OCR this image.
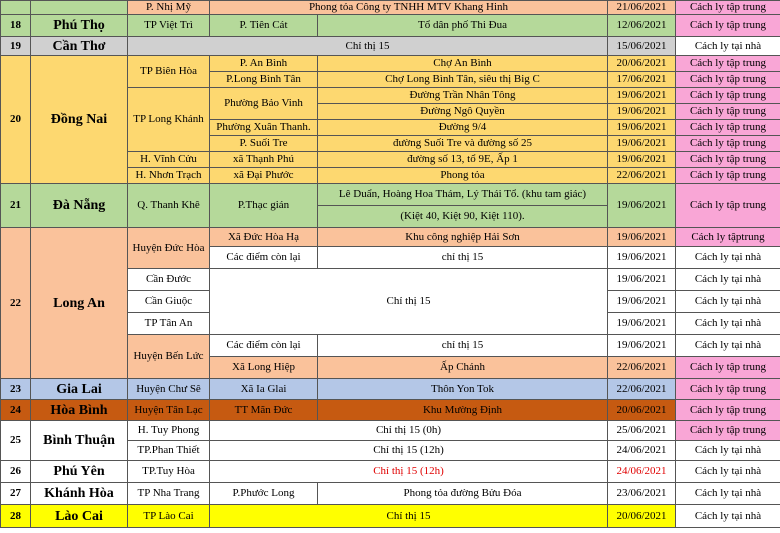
		P. Nhị Mỹ	Phong tỏa Công ty TNHH MTV Khang Hinh		21/06/2021	Cách ly tập trung
18	Phú Thọ	TP Việt Trì	P. Tiên Cát	Tổ dân phố Thi Đua	12/06/2021	Cách ly tập trung
19	Cần Thơ	Chỉ thị 15			15/06/2021	Cách ly tại nhà
20	Đồng Nai	TP Biên Hòa	P. An Bình	Chợ An Bình	20/06/2021	Cách ly tập trung
			P.Long Bình Tân	Chợ Long Bình Tân, siêu thị Big C	17/06/2021	Cách ly tập trung
		TP Long Khánh	Phường Bảo Vinh	Đường Trần Nhân Tông	19/06/2021	Cách ly tập trung
				Đường Ngô Quyền	19/06/2021	Cách ly tập trung
			Phường Xuân Thanh.	Đường 9/4	19/06/2021	Cách ly tập trung
			P. Suối Tre	đường Suối Tre và đường số 25	19/06/2021	Cách ly tập trung
		H. Vĩnh Cửu	xã Thạnh Phú	đường số 13, tổ 9E, Ấp 1	19/06/2021	Cách ly tập trung
		H. Nhơn Trạch	xã Đại Phước	Phong tỏa	22/06/2021	Cách ly tập trung
21	Đà Nẵng	Q. Thanh Khê	P.Thạc gián	Lê Duẩn, Hoàng Hoa Thám, Lý Thái Tổ. (khu tam giác)	19/06/2021	Cách ly tập trung
				(Kiệt 40, Kiệt 90, Kiệt 110).		
22	Long An	Huyện Đức Hòa	Xã Đức Hòa Hạ	Khu công nghiệp Hải Sơn	19/06/2021	Cách ly tậptrung
			Các điểm còn lại	chỉ thị 15	19/06/2021	Cách ly tại nhà
		Cần Đước	Chỉ thị 15		19/06/2021	Cách ly tại nhà
		Cần Giuộc			19/06/2021	Cách ly tại nhà
		TP Tân An			19/06/2021	Cách ly tại nhà
		Huyện Bến Lức	Các điểm còn lại	chỉ thị 15	19/06/2021	Cách ly tại nhà
			Xã Long Hiệp	Ấp Chánh	22/06/2021	Cách ly tập trung
23	Gia Lai	Huyện Chư Sê	Xã Ia Glai	Thôn Yon Tok	22/06/2021	Cách ly tập trung
24	Hòa Bình	Huyện Tân Lạc	TT Mãn Đức	Khu Mường Định	20/06/2021	Cách ly tập trung
25	Bình Thuận	H. Tuy Phong	Chỉ thị 15 (0h)		25/06/2021	Cách ly tập trung
		TP.Phan Thiết	Chỉ thị 15 (12h)		24/06/2021	Cách ly tại nhà
26	Phú Yên	TP.Tuy Hòa	Chỉ thị 15 (12h)		24/06/2021	Cách ly tại nhà
27	Khánh Hòa	TP Nha Trang	P.Phước Long	Phong tỏa đường Bửu Đóa	23/06/2021	Cách ly tại nhà
28	Lào Cai	TP Lào Cai	Chỉ thị 15		20/06/2021	Cách ly tại nhà
